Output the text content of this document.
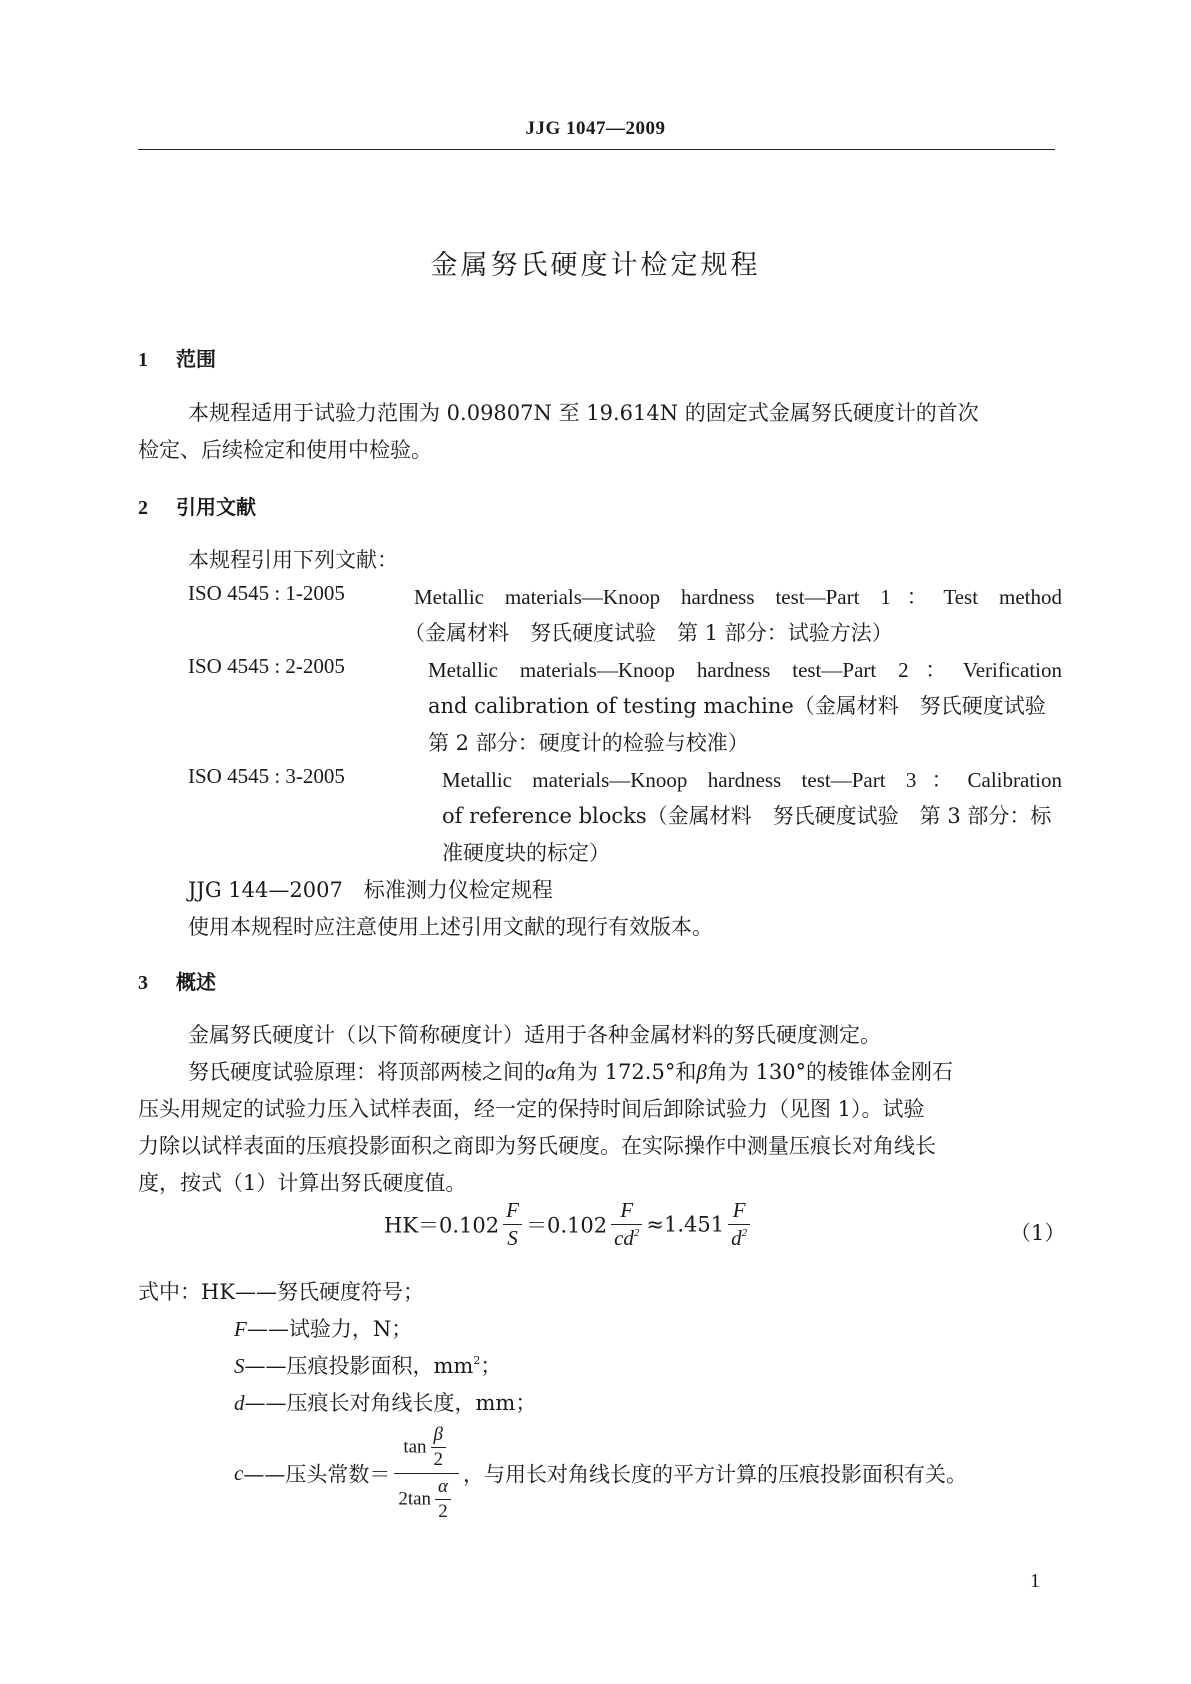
JJG 1047—2009
金属努氏硬度计检定规程
1 范围
本规程适用于试验力范围为 0.09807N 至 19.614N 的固定式金属努氏硬度计的首次
检定、后续检定和使用中检验。
2 引用文献
本规程引用下列文献：
ISO 4545 : 1-2005	Metallic materials—Knoop hardness test—Part 1：Test method
（金属材料　努氏硬度试验　第 1 部分：试验方法）
ISO 4545 : 2-2005	Metallic materials—Knoop hardness test—Part 2：Verification
and calibration of testing machine（金属材料　努氏硬度试验
第 2 部分：硬度计的检验与校准）
ISO 4545 : 3-2005	Metallic materials—Knoop hardness test—Part 3：Calibration
of reference blocks（金属材料　努氏硬度试验　第 3 部分：标
准硬度块的标定）
JJG 144—2007　标准测力仪检定规程
使用本规程时应注意使用上述引用文献的现行有效版本。
3 概述
金属努氏硬度计（以下简称硬度计）适用于各种金属材料的努氏硬度测定。
努氏硬度试验原理：将顶部两棱之间的α角为 172.5°和β角为 130°的棱锥体金刚石
压头用规定的试验力压入试样表面，经一定的保持时间后卸除试验力（见图 1）。试验
力除以试样表面的压痕投影面积之商即为努氏硬度。在实际操作中测量压痕长对角线长
度，按式（1）计算出努氏硬度值。
$HK=0.102 \frac{F}{S} =0.102 \frac{F}{cd^2} \approx 1.451 \frac{F}{d^2}$	（1）
式中：HK——努氏硬度符号；
F——试验力，N；
S——压痕投影面积，$mm^2$；
d——压痕长对角线长度，mm；
c——压头常数＝ $\frac{\tan \frac{\beta}{2}}{2\tan \frac{\alpha}{2}}$ ，与用长对角线长度的平方计算的压痕投影面积有关。
1
